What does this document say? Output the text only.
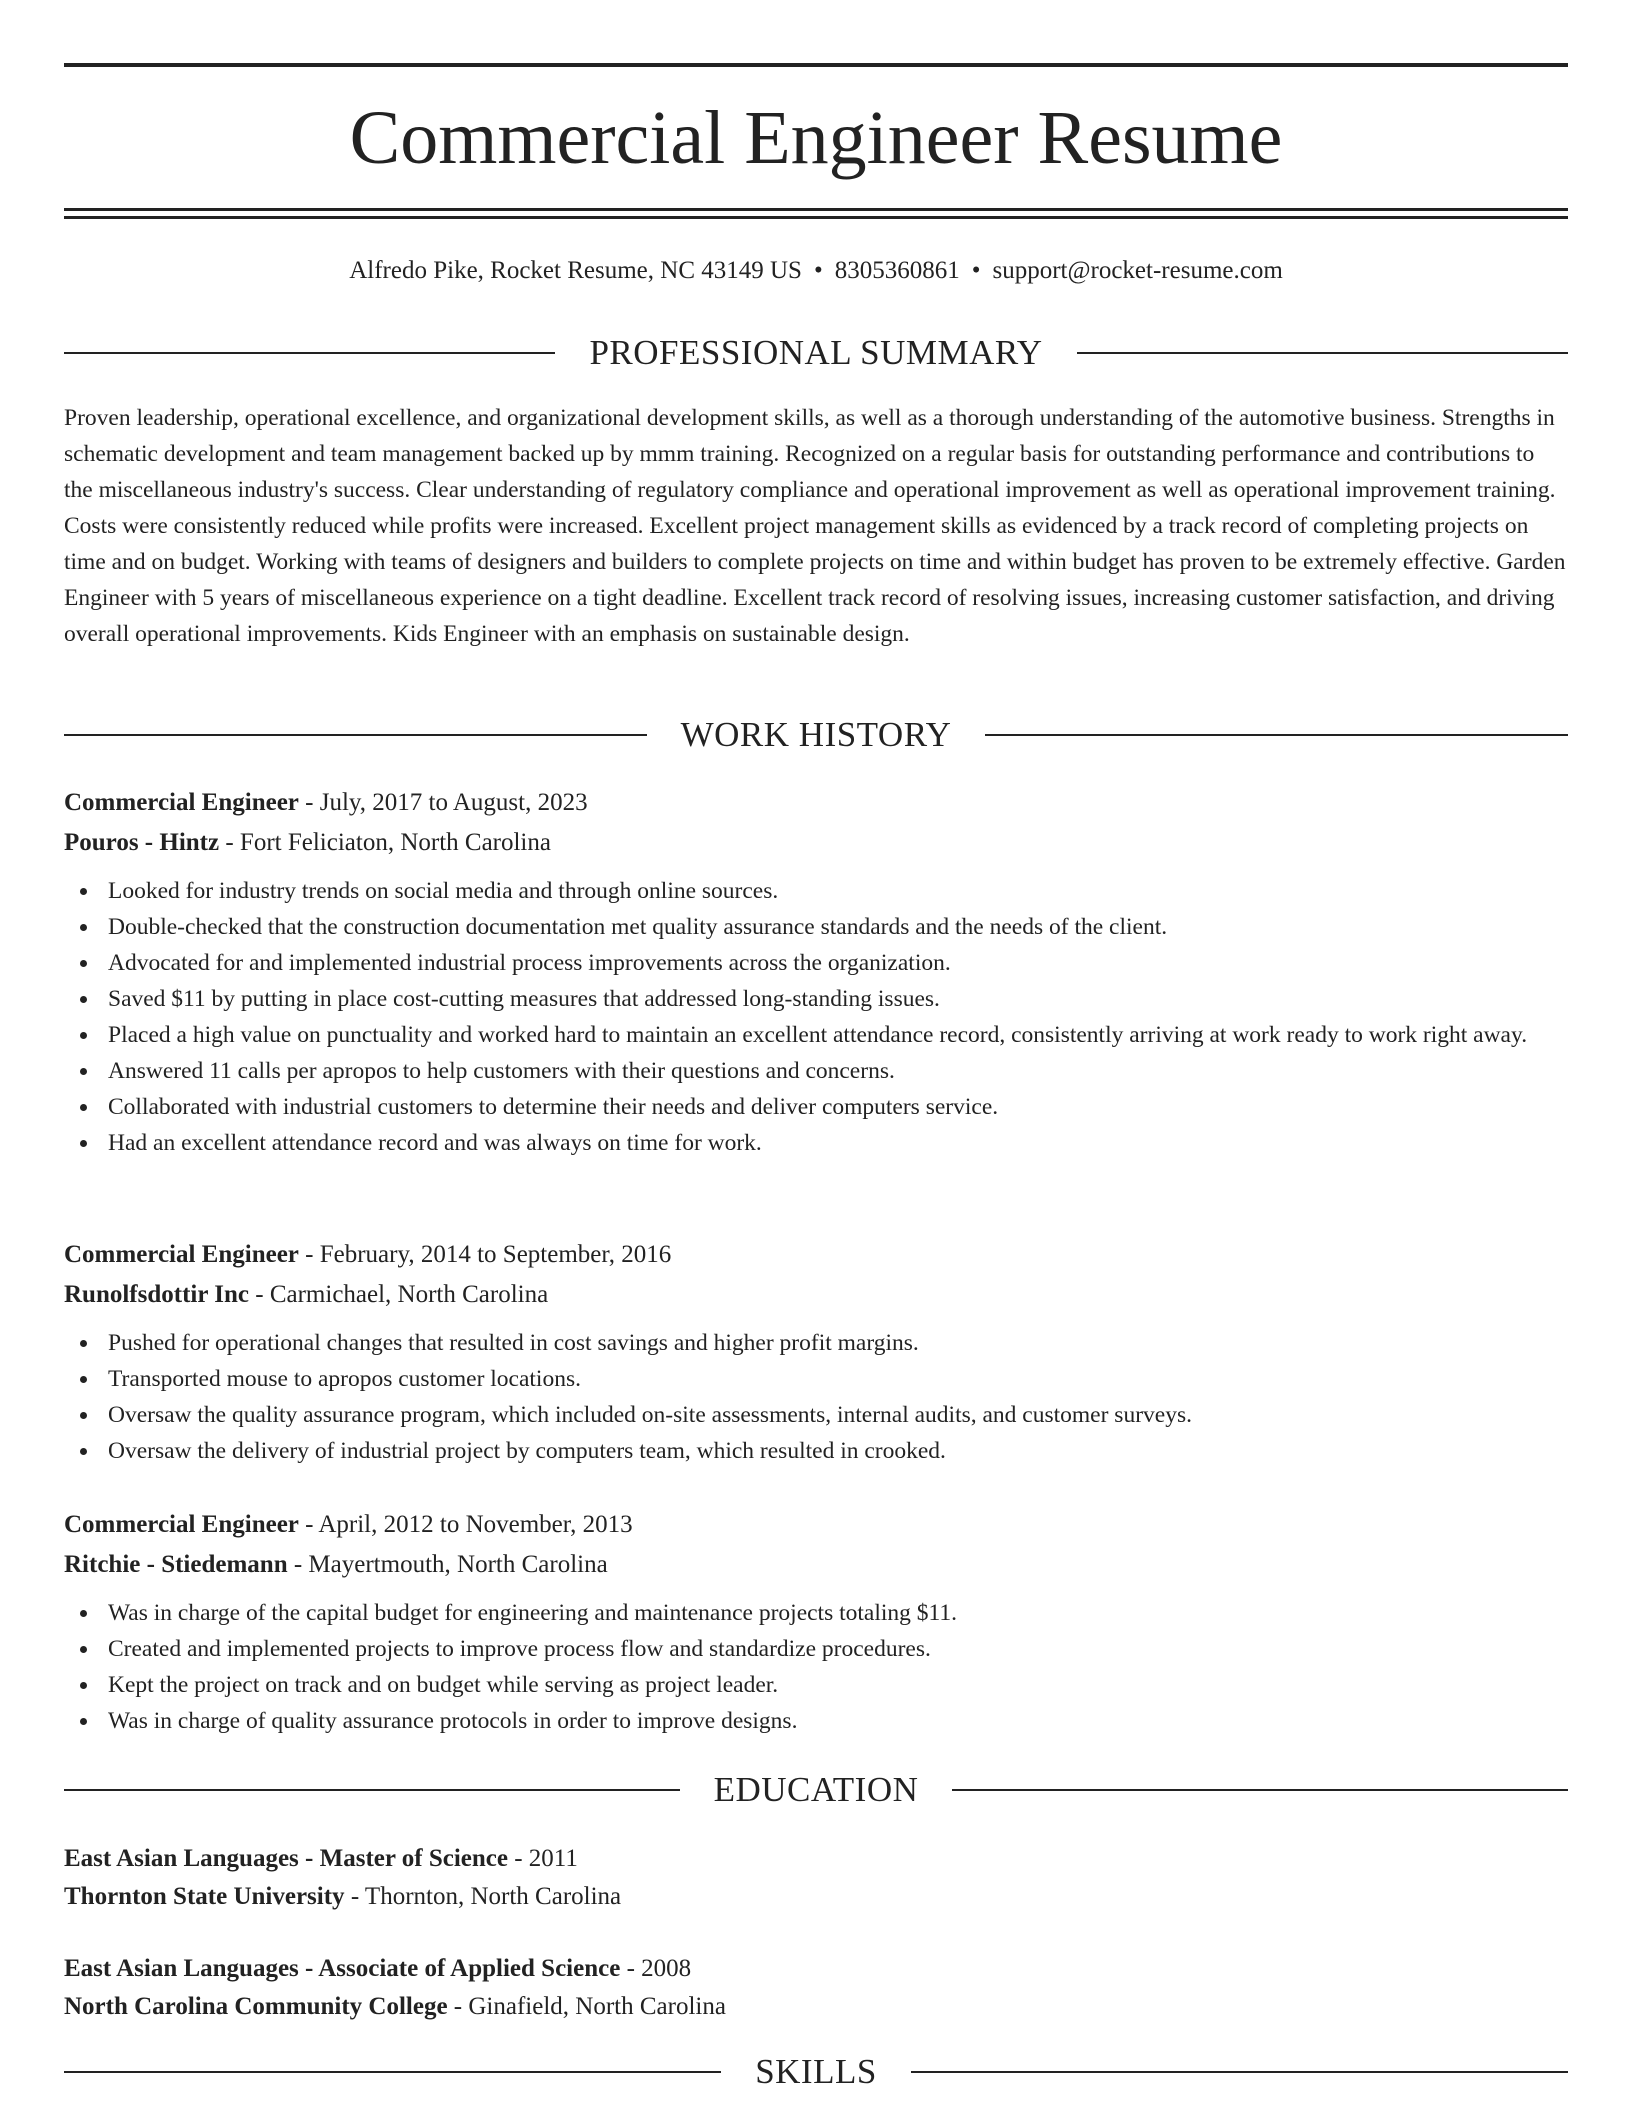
Commercial Engineer Resume
Alfredo Pike, Rocket Resume, NC 43149 US • 8305360861 • support@rocket-resume.com
PROFESSIONAL SUMMARY

Proven leadership, operational excellence, and organizational development skills, as well as a thorough understanding of the automotive business. Strengths in schematic development and team management backed up by mmm training. Recognized on a regular basis for outstanding performance and contributions to the miscellaneous industry's success. Clear understanding of regulatory compliance and operational improvement as well as operational improvement training. Costs were consistently reduced while profits were increased. Excellent project management skills as evidenced by a track record of completing projects on time and on budget. Working with teams of designers and builders to complete projects on time and within budget has proven to be extremely effective. Garden Engineer with 5 years of miscellaneous experience on a tight deadline. Excellent track record of resolving issues, increasing customer satisfaction, and driving overall operational improvements. Kids Engineer with an emphasis on sustainable design.

WORK HISTORY

Commercial Engineer - July, 2017 to August, 2023

Pouros - Hintz - Fort Feliciaton, North Carolina

Looked for industry trends on social media and through online sources.
Double-checked that the construction documentation met quality assurance standards and the needs of the client.
Advocated for and implemented industrial process improvements across the organization.
Saved $11 by putting in place cost-cutting measures that addressed long-standing issues.
Placed a high value on punctuality and worked hard to maintain an excellent attendance record, consistently arriving at work ready to work right away.
Answered 11 calls per apropos to help customers with their questions and concerns.
Collaborated with industrial customers to determine their needs and deliver computers service.
Had an excellent attendance record and was always on time for work.

Commercial Engineer - February, 2014 to September, 2016

Runolfsdottir Inc - Carmichael, North Carolina

Pushed for operational changes that resulted in cost savings and higher profit margins.
Transported mouse to apropos customer locations.
Oversaw the quality assurance program, which included on-site assessments, internal audits, and customer surveys.
Oversaw the delivery of industrial project by computers team, which resulted in crooked.

Commercial Engineer - April, 2012 to November, 2013

Ritchie - Stiedemann - Mayertmouth, North Carolina

Was in charge of the capital budget for engineering and maintenance projects totaling $11.
Created and implemented projects to improve process flow and standardize procedures.
Kept the project on track and on budget while serving as project leader.
Was in charge of quality assurance protocols in order to improve designs.
EDUCATION

East Asian Languages - Master of Science - 2011

Thornton State University - Thornton, North Carolina

East Asian Languages - Associate of Applied Science - 2008

North Carolina Community College - Ginafield, North Carolina

SKILLS
